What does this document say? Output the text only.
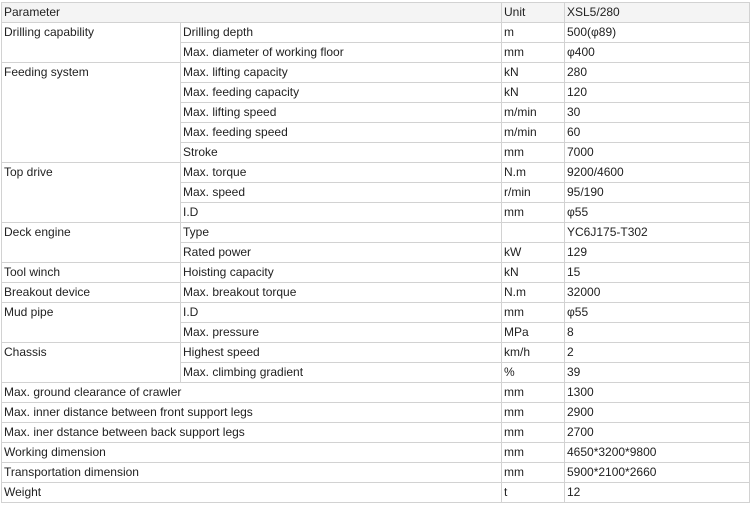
Parameter		Unit	XSL5/280
Drilling capability	Drilling depth	m	500(φ89)
	Max. diameter of working floor	mm	φ400
Feeding system	Max. lifting capacity	kN	280
	Max. feeding capacity	kN	120
	Max. lifting speed	m/min	30
	Max. feeding speed	m/min	60
	Stroke	mm	7000
Top drive	Max. torque	N.m	9200/4600
	Max. speed	r/min	95/190
	I.D	mm	φ55
Deck engine	Type		YC6J175-T302
	Rated power	kW	129
Tool winch	Hoisting capacity	kN	15
Breakout device	Max. breakout torque	N.m	32000
Mud pipe	I.D	mm	φ55
	Max. pressure	MPa	8
Chassis	Highest speed	km/h	2
	Max. climbing gradient	%	39
Max. ground clearance of crawler		mm	1300
Max. inner distance between front support legs		mm	2900
Max. iner dstance between back support legs		mm	2700
Working dimension		mm	4650*3200*9800
Transportation dimension		mm	5900*2100*2660
Weight		t	12
